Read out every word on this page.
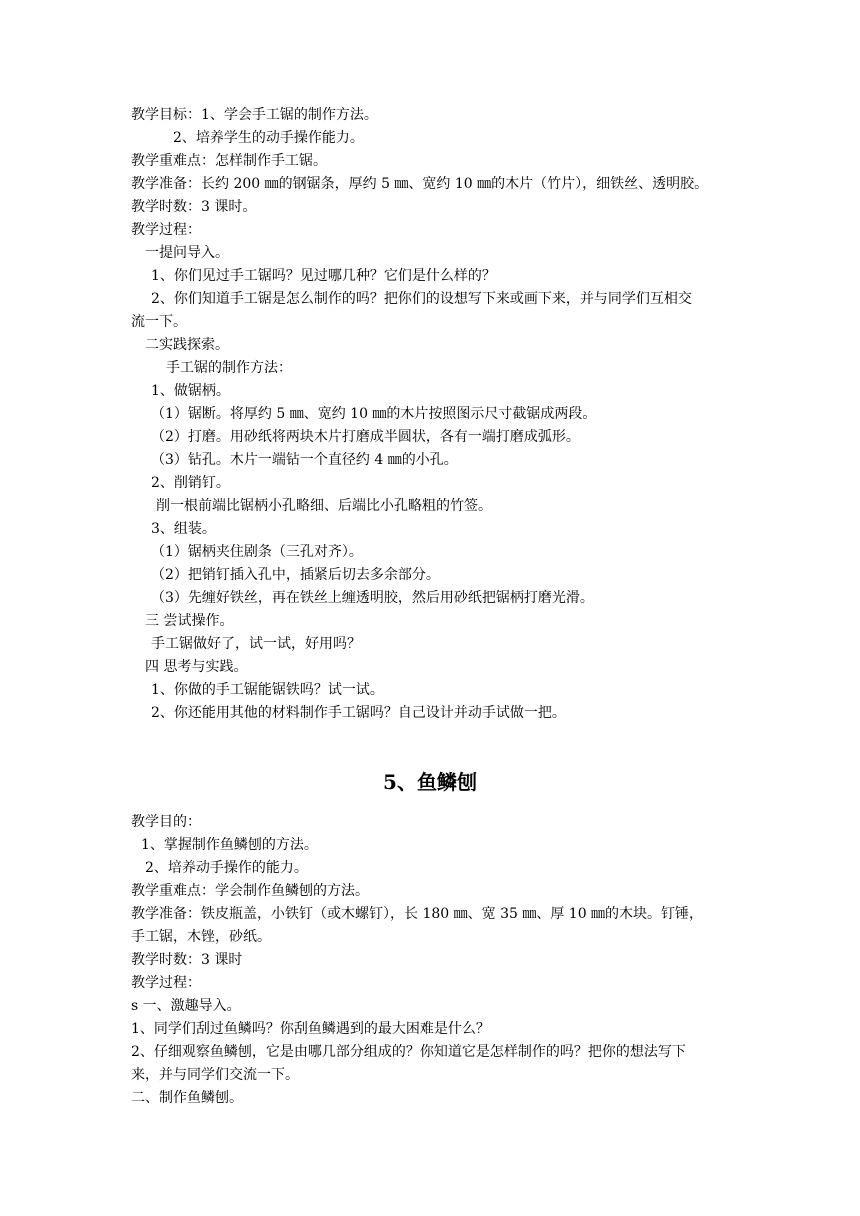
教学目标：1、学会手工锯的制作方法。
2、培养学生的动手操作能力。
教学重难点：怎样制作手工锯。
教学准备：长约 200 ㎜的钢锯条，厚约 5 ㎜、宽约 10 ㎜的木片（竹片），细铁丝、透明胶。
教学时数：3 课时。
教学过程：
一提问导入。
1、你们见过手工锯吗？见过哪几种？它们是什么样的？
2、你们知道手工锯是怎么制作的吗？把你们的设想写下来或画下来，并与同学们互相交
流一下。
二实践探索。
手工锯的制作方法：
1、做锯柄。
（1）锯断。将厚约 5 ㎜、宽约 10 ㎜的木片按照图示尺寸截锯成两段。
（2）打磨。用砂纸将两块木片打磨成半圆状，各有一端打磨成弧形。
（3）钻孔。木片一端钻一个直径约 4 ㎜的小孔。
2、削销钉。
削一根前端比锯柄小孔略细、后端比小孔略粗的竹签。
3、组装。
（1）锯柄夹住剧条（三孔对齐）。
（2）把销钉插入孔中，插紧后切去多余部分。
（3）先缠好铁丝，再在铁丝上缠透明胶，然后用砂纸把锯柄打磨光滑。
三 尝试操作。
手工锯做好了，试一试，好用吗？
四 思考与实践。
1、你做的手工锯能锯铁吗？试一试。
2、你还能用其他的材料制作手工锯吗？自己设计并动手试做一把。
5、鱼鳞刨
教学目的：
1、掌握制作鱼鳞刨的方法。
2、培养动手操作的能力。
教学重难点：学会制作鱼鳞刨的方法。
教学准备：铁皮瓶盖，小铁钉（或木螺钉），长 180 ㎜、宽 35 ㎜、厚 10 ㎜的木块。钉锤，
手工锯，木锉，砂纸。
教学时数：3 课时
教学过程：
s 一、激趣导入。
1、同学们刮过鱼鳞吗？你刮鱼鳞遇到的最大困难是什么？
2、仔细观察鱼鳞刨，它是由哪几部分组成的？你知道它是怎样制作的吗？把你的想法写下
来，并与同学们交流一下。
二、制作鱼鳞刨。
